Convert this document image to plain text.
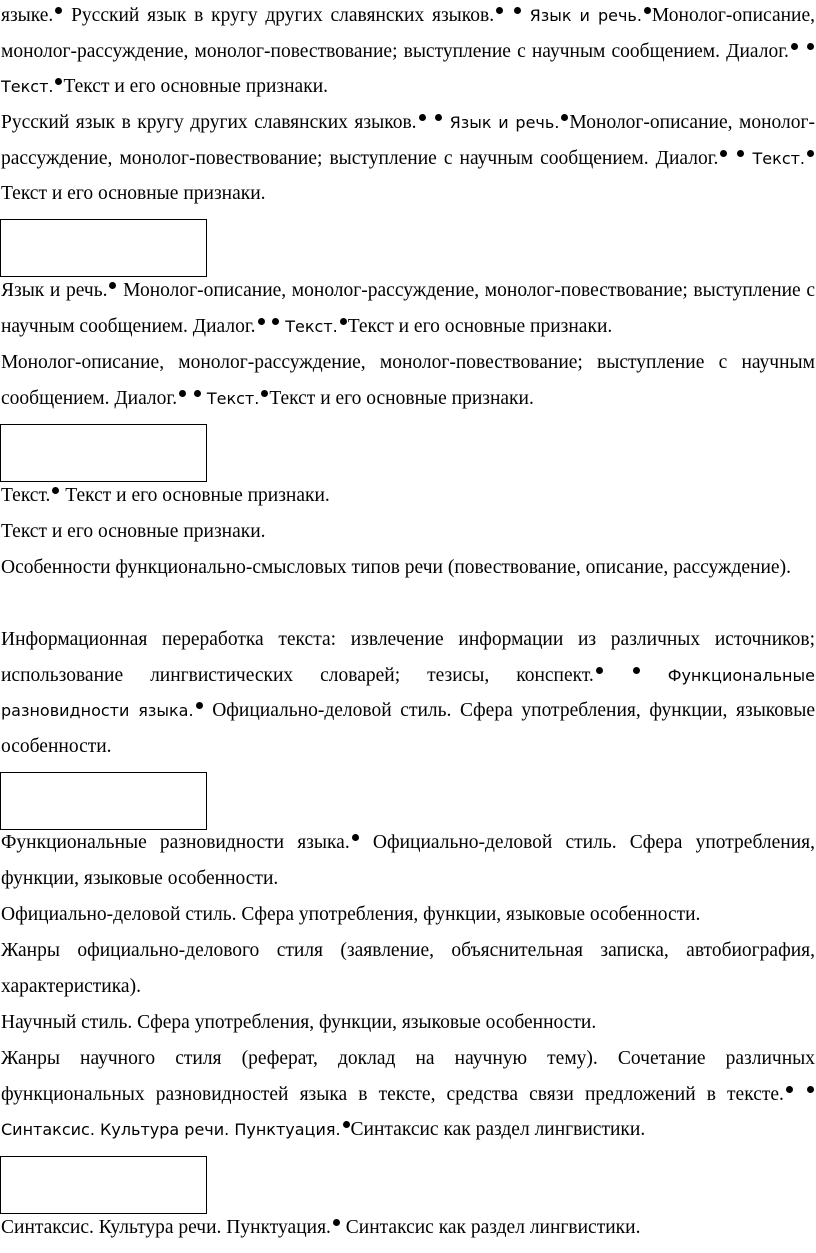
языке. Русский язык в кругу других славянских языков. Язык и речь. Монолог-описание, монолог-рассуждение, монолог-повествование; выступление с научным сообщением. Диалог.  Текст. Текст и его основные признаки.

Русский язык в кругу других славянских языков. Язык и речь. Монолог-описание, монолог-рассуждение, монолог-повествование; выступление с научным сообщением. Диалог. Текст.Текст и его основные признаки.

Язык и речь. Монолог-описание, монолог-рассуждение, монолог-повествование; выступление с научным сообщением. Диалог. Текст. Текст и его основные признаки.

Монолог-описание, монолог-рассуждение, монолог-повествование; выступление с научным сообщением. Диалог. Текст. Текст и его основные признаки.

Текст. Текст и его основные признаки.

Текст и его основные признаки.

Особенности функционально-смысловых типов речи (повествование, описание, рассуждение).

Информационная переработка текста: извлечение информации из различных источников; использование лингвистических словарей; тезисы, конспект.	Функциональные разновидности языка. Официально-деловой стиль. Сфера употребления, функции, языковые особенности.

Функциональные разновидности языка. Официально-деловой стиль. Сфера употребления, функции, языковые особенности.

Официально-деловой стиль. Сфера употребления, функции, языковые особенности.

Жанры официально-делового стиля (заявление, объяснительная записка, автобиография, характеристика).

Научный стиль. Сфера употребления, функции, языковые особенности.

Жанры научного стиля (реферат, доклад на научную тему). Сочетание различных функциональных разновидностей языка в тексте, средства связи предложений в тексте.  Синтаксис. Культура речи. Пунктуация. Синтаксис как раздел лингвистики.

Синтаксис. Культура речи. Пунктуация. Синтаксис как раздел лингвистики.
